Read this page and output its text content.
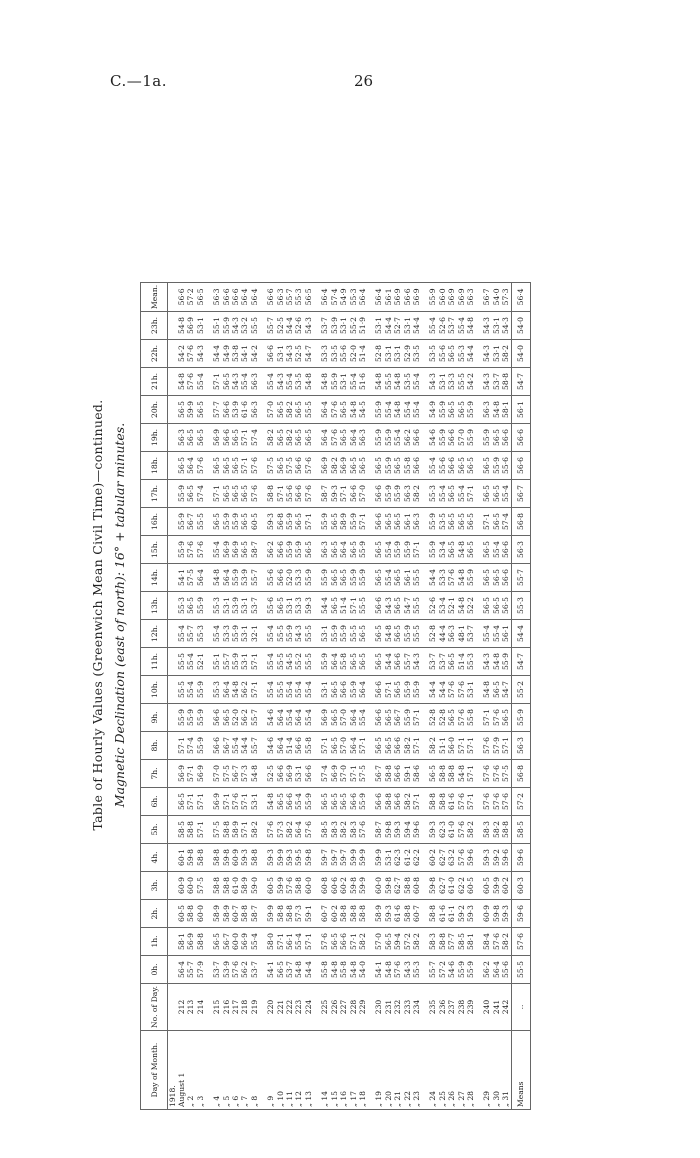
C.—1a.	26
Table of Hourly Values (Greenwich Mean Civil Time)—continued. Magnetic Declination (east of north): 16° + tabular minutes.
Day of Month.	No. of Day.	0h.	1h.	2h.	3h.	4h.	5h.	6h.	7h.	8h.	9h.	10h.	11h.	12h.	13h.	14h.	15h.	16h.	17h.	18h.	19h.	20h.	21h.	22h.	23h.	Mean.
1918.																										
August 1	212	56·4	58·1	60·5	60·9	60·1	58·5	56·5	56·9	57·1	55·9	55·5	55·5	55·4	55·3	54·1	55·9	55·9	55·9	56·5	56·3	56·5	54·8	54·2	54·8	56·6
„ 2	213	55·7	56·9	58·8	60·0	59·8	58·8	57·1	57·1	57·4	55·9	55·4	55·4	55·7	56·5	57·5	57·6	56·7	56·5	56·4	56·5	59·9	57·6	57·6	56·9	57·2
„ 3	214	57·9	58·8	60·0	57·5	58·8	57·1	57·1	56·9	55·9	55·9	55·9	52·1	55·3	55·9	56·4	57·6	55·5	57·4	57·6	56·5	56·5	55·4	54·3	53·1	56·5

„ 4	215	53·7	56·5	58·9	58·8	58·8	57·5	56·9	57·0	56·6	56·6	55·3	55·1	55·4	55·3	54·8	55·4	56·5	57·1	56·5	56·9	57·7	57·1	54·4	55·1	56·3
„ 5	216	53·9	56·7	58·9	58·8	59·8	58·8	57·1	57·5	56·7	56·5	56·4	55·7	53·3	53·1	56·4	56·9	55·9	56·5	56·5	56·6	56·6	56·5	54·9	55·9	56·6
„ 6	217	57·6	60·0	60·7	61·0	60·9	58·9	57·6	56·7	55·4	52·0	54·8	55·9	55·9	53·9	55·9	56·9	55·9	56·5	56·5	56·5	53·9	54·3	53·8	54·3	56·6
„ 7	218	56·2	56·9	58·8	58·9	59·3	57·1	57·1	57·3	54·4	56·2	56·2	53·1	53·1	53·1	53·9	56·5	56·5	56·5	57·1	57·1	61·6	55·4	54·1	53·2	56·4
„ 8	219	53·7	55·4	58·7	59·0	58·8	58·2	53·1	54·8	55·7	55·7	57·1	57·1	32·1	53·7	55·7	58·7	60·5	57·6	57·6	57·4	56·3	56·3	54·2	55·5	56·4

„ 9	220	54·1	58·0	59·9	60·5	59·3	57·6	54·8	52·5	54·6	54·6	55·4	55·4	55·4	55·6	55·6	56·2	59·3	58·8	57·5	58·2	57·0	55·4	56·6	55·7	56·6
„ 10	221	56·5	57·1	58·8	59·9	59·9	57·3	56·5	56·6	56·4	56·4	55·5	55·5	55·5	56·5	56·6	56·6	56·8	57·1	56·5	56·5	56·5	54·3	53·1	52·5	56·3
„ 11	222	53·7	56·1	58·8	57·6	59·3	58·2	56·6	56·9	51·4	55·4	55·4	54·5	55·9	53·1	52·0	55·9	55·9	55·6	57·5	58·2	58·2	55·4	54·3	54·4	55·7
„ 12	223	54·8	55·4	57·3	58·8	59·5	56·4	55·4	53·1	56·6	56·4	55·4	55·2	54·3	53·3	53·3	55·9	56·5	56·6	56·6	56·5	56·5	53·5	52·5	52·6	55·3
„ 13	224	54·4	57·1	59·1	60·0	59·8	57·6	55·9	56·6	55·8	55·4	55·4	55·5	55·5	59·3	55·9	56·5	57·1	57·6	57·6	56·5	55·5	54·8	54·7	54·3	56·5

„ 14	225	55·8	57·6	60·7	60·8	59·7	58·5	56·5	57·4	57·1	56·9	53·1	55·9	53·1	54·4	55·9	56·3	55·9	58·7	56·9	56·4	56·4	54·8	53·3	53·7	56·4
„ 15	226	54·8	56·5	60·2	60·6	59·7	58·3	56·5	56·9	56·5	56·5	56·5	56·4	55·9	56·5	56·5	56·5	56·5	59·3	58·2	57·6	57·6	55·9	53·5	53·9	57·4
„ 16	227	55·8	56·6	58·8	60·2	59·7	58·2	56·5	57·0	57·0	57·0	56·6	55·8	55·9	51·4	56·5	56·4	58·9	57·1	56·9	56·5	56·5	53·1	55·6	53·1	54·9
„ 17	228	54·8	57·1	58·8	59·8	59·9	58·3	56·6	57·1	56·4	56·4	55·9	56·5	55·5	57·1	55·9	56·5	55·9	56·6	56·5	56·4	54·8	55·4	52·0	55·2	55·3
„ 18	229	54·0	58·2	58·8	59·9	59·9	57·6	55·9	57·5	57·1	55·4	56·4	56·5	56·5	55·5	55·9	55·9	57·1	57·0	56·5	56·3	54·5	51·6	51·4	51·9	56·4

„ 19	230	54·1	57·0	58·9	60·0	59·9	58·7	56·6	56·7	56·5	56·6	56·6	56·5	56·5	56·6	56·5	56·5	56·6	56·6	56·5	55·9	55·9	54·8	52·8	53·1	56·4
„ 20	231	54·8	56·5	59·3	59·8	53·1	59·8	58·8	58·8	56·5	56·5	57·1	54·4	54·8	54·3	55·4	55·4	56·5	55·9	55·9	55·9	55·4	55·5	53·1	54·4	56·1
„ 21	232	57·6	59·4	61·6	62·7	62·3	59·3	56·6	56·6	56·6	56·7	56·5	56·6	56·5	56·5	56·5	55·9	56·5	55·9	56·5	55·4	54·8	54·8	53·1	52·7	56·9
„ 22	233	54·3	57·2	58·8	58·8	61·2	59·4	58·2	59·1	58·2	55·9	55·9	55·7	55·9	54·7	56·1	55·9	56·1	56·3	55·8	56·2	55·4	53·5	52·9	53·1	56·6
„ 23	234	55·3	58·2	60·7	60·8	62·2	59·6	57·1	58·6	57·1	57·1	55·9	54·3	55·5	55·5	55·5	57·1	56·3	58·2	56·6	56·6	55·4	55·4	53·5	54·4	56·9

„ 24	235	55·7	58·3	58·8	59·8	60·2	59·3	58·8	56·5	58·2	52·8	54·4	53·7	52·8	52·6	54·4	55·9	55·9	55·3	55·4	54·6	54·9	54·3	53·5	55·4	55·9
„ 25	236	57·2	58·8	61·6	62·7	62·7	62·3	58·8	58·8	51·1	52·8	54·4	53·7	44·4	53·4	53·3	53·4	53·5	55·4	55·6	55·9	55·9	53·1	55·6	52·6	56·0
„ 26	237	54·6	57·7	61·1	61·0	63·2	61·0	61·6	58·8	56·0	56·5	57·6	56·5	56·3	52·1	57·6	56·5	56·5	56·5	56·6	56·6	56·5	53·3	56·5	53·7	56·9
„ 27	238	55·9	58·5	59·2	62·2	57·6	57·6	57·6	54·8	57·1	57·6	57·6	51·4	48·1	54·8	54·8	54·8	56·5	55·4	56·5	57·0	56·5	55·5	55·3	55·4	56·9
„ 28	239	55·9	58·1	59·3	60·5	59·6	58·2	57·1	57·1	57·1	55·8	53·1	55·3	53·7	52·2	55·9	56·5	56·5	57·1	56·5	55·9	55·9	54·2	54·4	54·8	56·3

„ 29	240	56·2	58·4	60·9	60·5	59·3	58·3	57·6	57·6	57·6	57·1	54·8	54·3	55·4	56·5	56·5	56·5	57·1	56·5	56·5	55·9	56·3	54·3	54·3	54·3	56·7
„ 30	241	56·4	57·6	59·8	59·9	59·2	58·2	57·6	57·6	57·9	57·6	56·5	54·8	55·4	56·5	56·5	55·4	56·5	56·5	55·9	56·5	54·8	53·7	53·1	53·1	54·0
„ 31	242	55·6	58·2	59·3	60·2	59·6	58·8	57·6	57·5	57·1	56·5	54·7	55·9	56·1	56·5	56·6	56·6	57·4	55·4	55·6	56·6	58·1	58·8	58·2	54·3	57·3
Means	..	55·5	57·6	59·6	60·3	59·6	58·5	57·2	56·8	56·3	55·9	55·2	54·7	54·4	55·3	55·7	56·3	56·8	56·7	56·6	56·6	56·1	54·7	54·0	54·0	56·4
